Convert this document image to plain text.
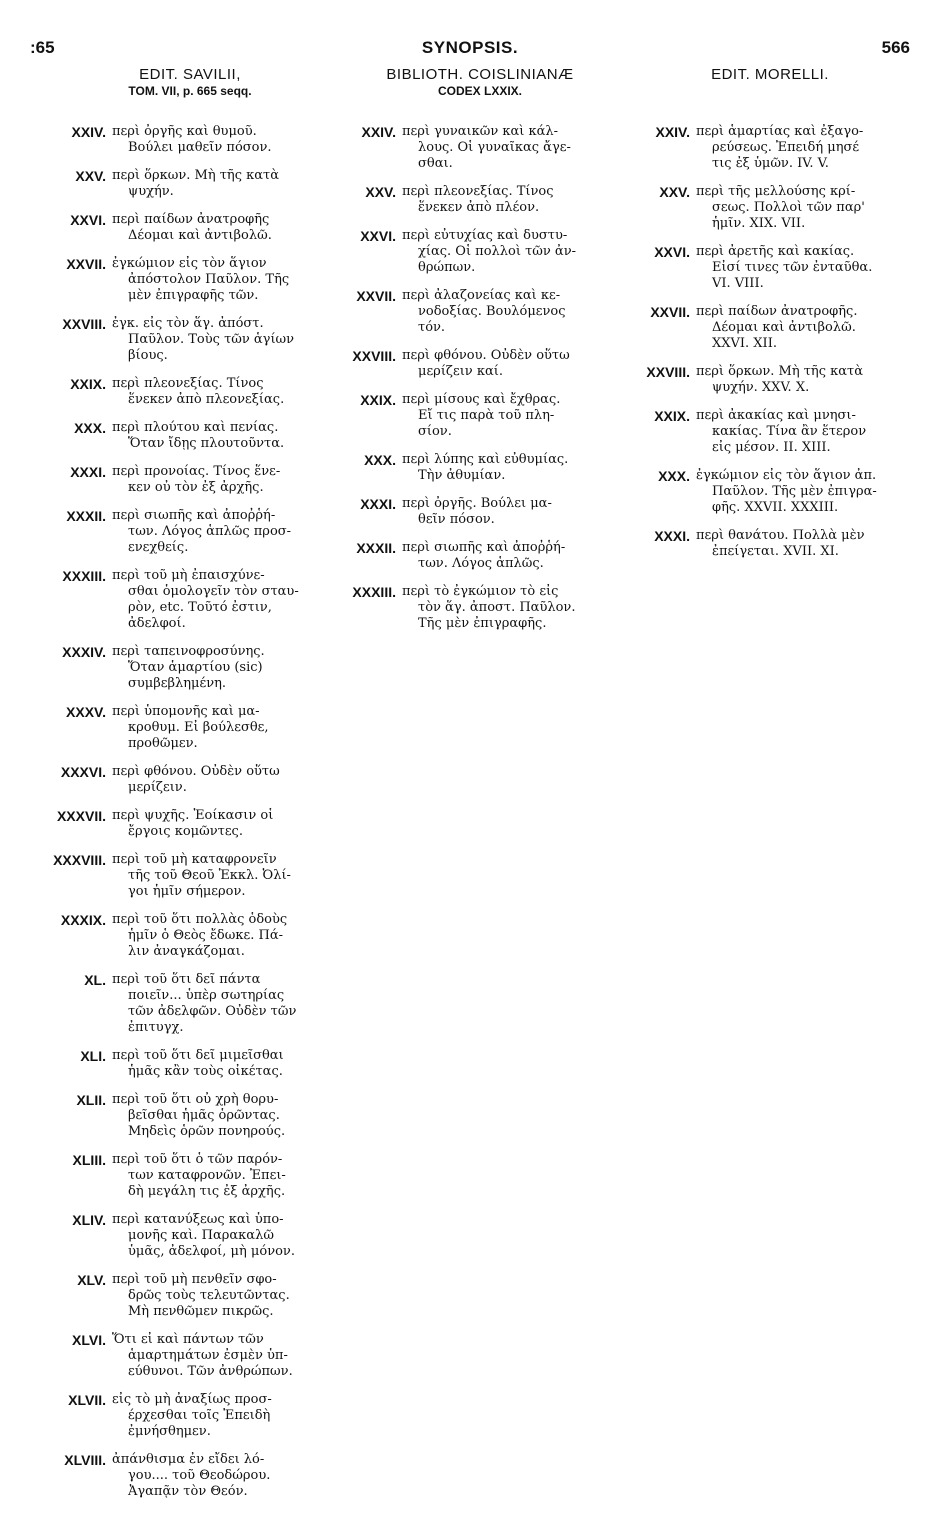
:65	SYNOPSIS.	566
EDIT. SAVILII,
TOM. VII, p. 665 seqq.
BIBLIOTH. COISLINIANÆ
CODEX LXXIX.
EDIT. MORELLI.
XXIV. περὶ ὀργῆς καὶ θυμοῦ.
Βούλει μαθεῖν πόσον.
XXV. περὶ ὅρκων. Μὴ τῆς κατὰ
ψυχήν.
XXVI. περὶ παίδων ἀνατροφῆς
Δέομαι καὶ ἀντιβολῶ.
XXVII. ἐγκώμιον εἰς τὸν ἅγιον
ἀπόστολον Παῦλον. Τῆς
μὲν ἐπιγραφῆς τῶν.
XXVIII. ἐγκ. εἰς τὸν ἅγ. ἀπόστ.
Παῦλον. Τοὺς τῶν ἁγίων
βίους.
XXIX. περὶ πλεονεξίας. Τίνος
ἕνεκεν ἀπὸ πλεονεξίας.
XXX. περὶ πλούτου καὶ πενίας.
Ὅταν ἴδῃς πλουτοῦντα.
XXXI. περὶ προνοίας. Τίνος ἕνε-
κεν οὐ τὸν ἐξ ἀρχῆς.
XXXII. περὶ σιωπῆς καὶ ἀποῤῥή-
των. Λόγος ἁπλῶς προσ-
ενεχθείς.
XXXIII. περὶ τοῦ μὴ ἐπαισχύνε-
σθαι ὁμολογεῖν τὸν σταυ-
ρὸν, etc. Τοῦτό ἐστιν,
ἀδελφοί.
XXXIV. περὶ ταπεινοφροσύνης.
Ὅταν ἁμαρτίου (sic)
συμβεβλημένη.
XXXV. περὶ ὑπομονῆς καὶ μα-
κροθυμ. Εἰ βούλεσθε,
προθῶμεν.
XXXVI. περὶ φθόνου. Οὐδὲν οὕτω
μερίζειν.
XXXVII. περὶ ψυχῆς. Ἐοίκασιν οἱ
ἔργοις κομῶντες.
XXXVIII. περὶ τοῦ μὴ καταφρονεῖν
τῆς τοῦ Θεοῦ Ἐκκλ. Ὀλί-
γοι ἡμῖν σήμερον.
XXXIX. περὶ τοῦ ὅτι πολλὰς ὁδοὺς
ἡμῖν ὁ Θεὸς ἔδωκε. Πά-
λιν ἀναγκάζομαι.
XL. περὶ τοῦ ὅτι δεῖ πάντα
ποιεῖν... ὑπὲρ σωτηρίας
τῶν ἀδελφῶν. Οὐδὲν τῶν
ἐπιτυγχ.
XLI. περὶ τοῦ ὅτι δεῖ μιμεῖσθαι
ἡμᾶς κἂν τοὺς οἰκέτας.
XLII. περὶ τοῦ ὅτι οὐ χρὴ θορυ-
βεῖσθαι ἡμᾶς ὁρῶντας.
Μηδεὶς ὁρῶν πονηρούς.
XLIII. περὶ τοῦ ὅτι ὁ τῶν παρόν-
των καταφρονῶν. Ἐπει-
δὴ μεγάλη τις ἐξ ἀρχῆς.
XLIV. περὶ κατανύξεως καὶ ὑπο-
μονῆς καὶ. Παρακαλῶ
ὑμᾶς, ἀδελφοί, μὴ μόνον.
XLV. περὶ τοῦ μὴ πενθεῖν σφο-
δρῶς τοὺς τελευτῶντας.
Μὴ πενθῶμεν πικρῶς.
XLVI. Ὅτι εἰ καὶ πάντων τῶν
ἁμαρτημάτων ἐσμὲν ὑπ-
εύθυνοι. Τῶν ἀνθρώπων.
XLVII. εἰς τὸ μὴ ἀναξίως προσ-
έρχεσθαι τοῖς Ἐπειδὴ
ἐμνήσθημεν.
XLVIII. ἀπάνθισμα ἐν εἴδει λό-
γου.... τοῦ Θεοδώρου.
Ἀγαπᾷν τὸν Θεόν.
XXIV. περὶ γυναικῶν καὶ κάλ-
λους. Οἱ γυναῖκας ἄγε-
σθαι.
XXV. περὶ πλεονεξίας. Τίνος
ἕνεκεν ἀπὸ πλέον.
XXVI. περὶ εὐτυχίας καὶ δυστυ-
χίας. Οἱ πολλοὶ τῶν ἀν-
θρώπων.
XXVII. περὶ ἀλαζονείας καὶ κε-
νοδοξίας. Βουλόμενος
τόν.
XXVIII. περὶ φθόνου. Οὐδὲν οὕτω
μερίζειν καί.
XXIX. περὶ μίσους καὶ ἔχθρας.
Εἴ τις παρὰ τοῦ πλη-
σίον.
XXX. περὶ λύπης καὶ εὐθυμίας.
Τὴν ἀθυμίαν.
XXXI. περὶ ὀργῆς. Βούλει μα-
θεῖν πόσον.
XXXII. περὶ σιωπῆς καὶ ἀποῤῥή-
των. Λόγος ἁπλῶς.
XXXIII. περὶ τὸ ἐγκώμιον τὸ εἰς
τὸν ἅγ. ἀποστ. Παῦλον.
Τῆς μὲν ἐπιγραφῆς.
XXIV. περὶ ἁμαρτίας καὶ ἐξαγο-
ρεύσεως. Ἐπειδή μησέ
τις ἐξ ὑμῶν. IV. V.
XXV. περὶ τῆς μελλούσης κρί-
σεως. Πολλοὶ τῶν παρ'
ἡμῖν. XIX. VII.
XXVI. περὶ ἀρετῆς καὶ κακίας.
Εἰσί τινες τῶν ἐνταῦθα.
VI. VIII.
XXVII. περὶ παίδων ἀνατροφῆς.
Δέομαι καὶ ἀντιβολῶ.
XXVI. XII.
XXVIII. περὶ ὅρκων. Μὴ τῆς κατὰ
ψυχήν. XXV. X.
XXIX. περὶ ἀκακίας καὶ μνησι-
κακίας. Τίνα ἂν ἕτερον
εἰς μέσον. II. XIII.
XXX. ἐγκώμιον εἰς τὸν ἅγιον ἀπ.
Παῦλον. Τῆς μὲν ἐπιγρα-
φῆς. XXVII. XXXIII.
XXXI. περὶ θανάτου. Πολλὰ μὲν
ἐπείγεται. XVII. XI.
